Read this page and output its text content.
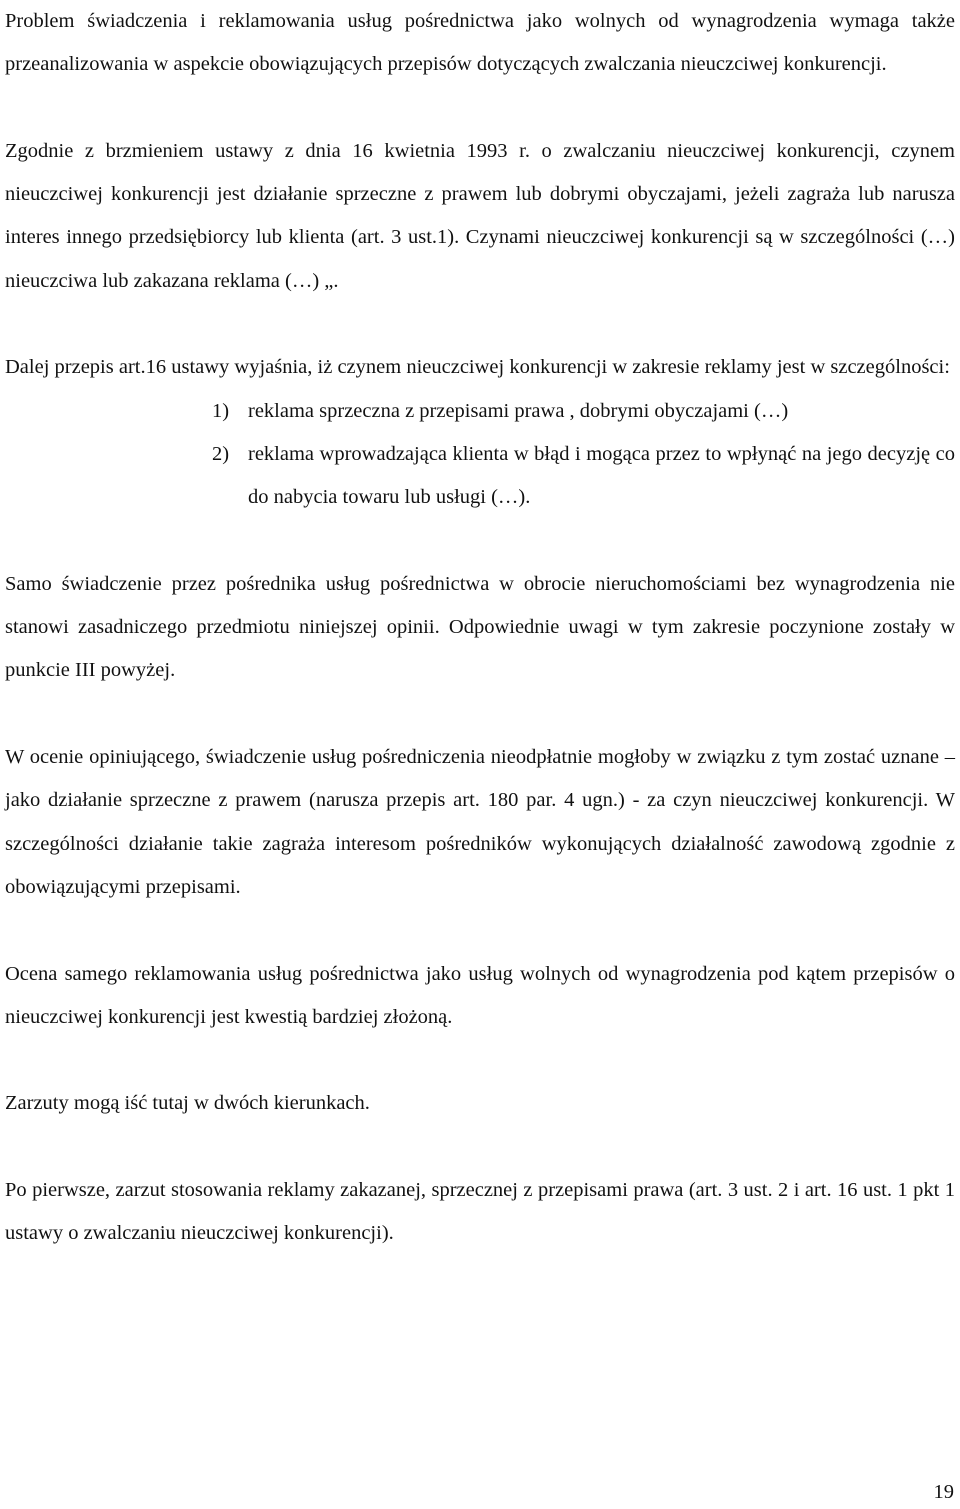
Problem świadczenia i reklamowania usług pośrednictwa jako wolnych od wynagrodzenia wymaga także przeanalizowania w aspekcie obowiązujących przepisów dotyczących zwalczania nieuczciwej konkurencji.

Zgodnie z brzmieniem ustawy z dnia 16 kwietnia 1993 r. o zwalczaniu nieuczciwej konkurencji, czynem nieuczciwej konkurencji jest działanie sprzeczne z prawem lub dobrymi obyczajami, jeżeli zagraża lub narusza interes innego przedsiębiorcy lub klienta (art. 3 ust.1). Czynami nieuczciwej konkurencji są w szczególności (…) nieuczciwa lub zakazana reklama (…) „.

Dalej przepis art.16 ustawy wyjaśnia, iż czynem nieuczciwej konkurencji w zakresie reklamy jest w szczególności:

1) reklama sprzeczna z przepisami prawa , dobrymi obyczajami (…)
2) reklama wprowadzająca klienta w błąd i mogąca przez to wpłynąć na jego decyzję co do nabycia towaru lub usługi (…).

Samo świadczenie przez pośrednika usług pośrednictwa w obrocie nieruchomościami bez wynagrodzenia nie stanowi zasadniczego przedmiotu niniejszej opinii. Odpowiednie uwagi w tym zakresie poczynione zostały w punkcie III powyżej.

W ocenie opiniującego, świadczenie usług pośredniczenia nieodpłatnie mogłoby w związku z tym zostać uznane – jako działanie sprzeczne z prawem (narusza przepis art. 180 par. 4 ugn.) - za czyn nieuczciwej konkurencji. W szczególności działanie takie zagraża interesom pośredników wykonujących działalność zawodową zgodnie z obowiązującymi przepisami.

Ocena samego reklamowania usług pośrednictwa jako usług wolnych od wynagrodzenia pod kątem przepisów o nieuczciwej konkurencji jest kwestią bardziej złożoną.

Zarzuty mogą iść tutaj w dwóch kierunkach.

Po pierwsze, zarzut stosowania reklamy zakazanej, sprzecznej z przepisami prawa (art. 3 ust. 2 i art. 16 ust. 1 pkt 1 ustawy o zwalczaniu nieuczciwej konkurencji).

19
